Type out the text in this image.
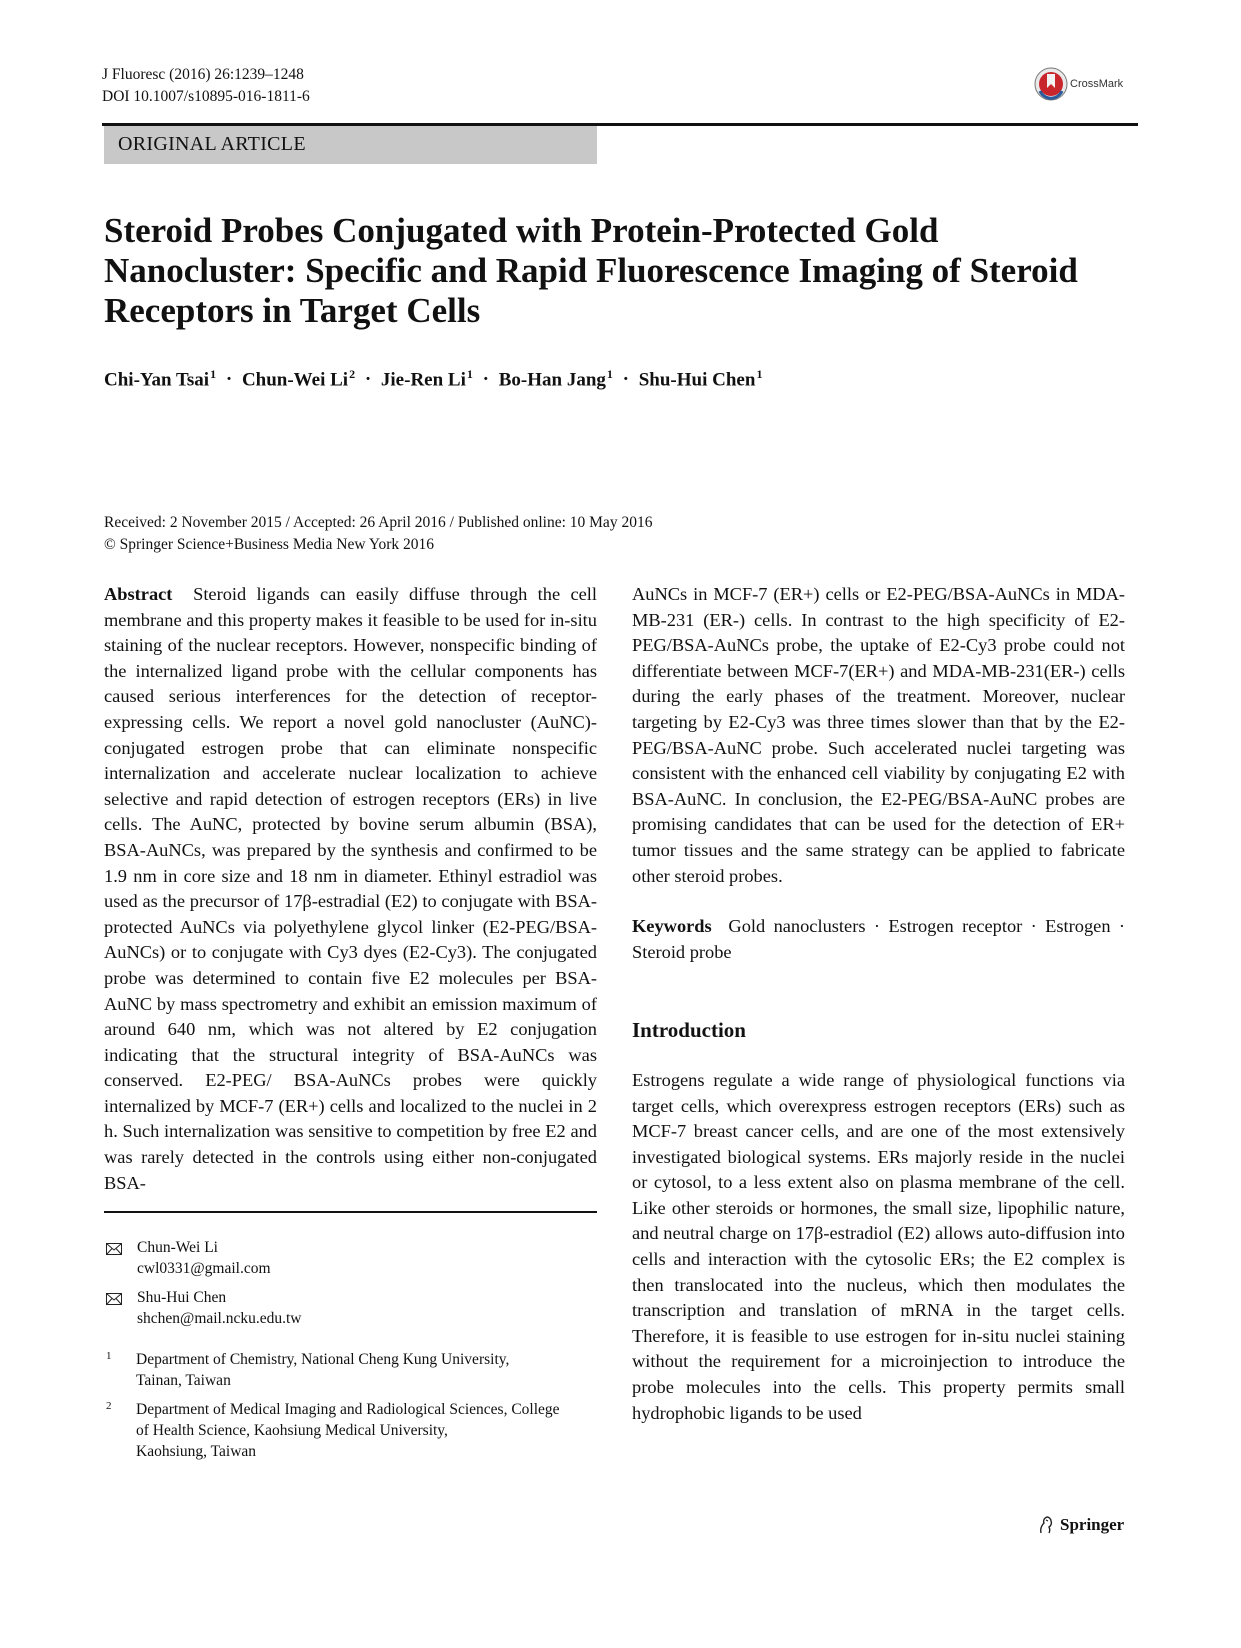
J Fluoresc (2016) 26:1239–1248
DOI 10.1007/s10895-016-1811-6
CrossMark
ORIGINAL ARTICLE
Steroid Probes Conjugated with Protein-Protected Gold
Nanocluster: Specific and Rapid Fluorescence Imaging of Steroid
Receptors in Target Cells
Chi-Yan Tsai$^1$ · Chun-Wei $Li^2 \cdot Jie-Ren$ $Li^1 \cdot Bo-Han$ Jang$^1$ · Shu-Hui Chen$^1$
Received: 2 November 2015 / Accepted: 26 April 2016 / Published online: 10 May 2016
© Springer Science+Business Media New York 2016

Abstract Steroid ligands can easily diffuse through the cell membrane and this property makes it feasible to be used for in-situ staining of the nuclear receptors. However, nonspecific binding of the internalized ligand probe with the cellular components has caused serious interferences for the detection of receptor-expressing cells. We report a novel gold nanocluster (AuNC)-conjugated estrogen probe that can eliminate nonspecific internalization and accelerate nuclear localization to achieve selective and rapid detection of estrogen receptors (ERs) in live cells. The AuNC, protected by bovine serum albumin (BSA), BSA-AuNCs, was prepared by the synthesis and confirmed to be 1.9 nm in core size and 18 nm in diameter. Ethinyl estradiol was used as the precursor of 17β-estradial (E2) to conjugate with BSA-protected AuNCs via polyethylene glycol linker (E2-PEG/BSA-AuNCs) or to conjugate with Cy3 dyes (E2-Cy3). The conjugated probe was determined to contain five E2 molecules per BSA-AuNC by mass spectrometry and exhibit an emission maximum of around 640 nm, which was not altered by E2 conjugation indicating that the structural integrity of BSA-AuNCs was conserved. E2-PEG/ BSA-AuNCs probes were quickly internalized by MCF-7 (ER+) cells and localized to the nuclei in 2 h. Such internalization was sensitive to competition by free E2 and was rarely detected in the controls using either non-conjugated BSA-

AuNCs in MCF-7 (ER+) cells or E2-PEG/BSA-AuNCs in MDA-MB-231 (ER-) cells. In contrast to the high specificity of E2-PEG/BSA-AuNCs probe, the uptake of E2-Cy3 probe could not differentiate between MCF-7(ER+) and MDA-MB-231(ER-) cells during the early phases of the treatment. Moreover, nuclear targeting by E2-Cy3 was three times slower than that by the E2-PEG/BSA-AuNC probe. Such accelerated nuclei targeting was consistent with the enhanced cell viability by conjugating E2 with BSA-AuNC. In conclusion, the E2-PEG/BSA-AuNC probes are promising candidates that can be used for the detection of ER+ tumor tissues and the same strategy can be applied to fabricate other steroid probes.

Keywords Gold nanoclusters · Estrogen receptor · Estrogen · Steroid probe

Introduction

Estrogens regulate a wide range of physiological functions via target cells, which overexpress estrogen receptors (ERs) such as MCF-7 breast cancer cells, and are one of the most extensively investigated biological systems. ERs majorly reside in the nuclei or cytosol, to a less extent also on plasma membrane of the cell. Like other steroids or hormones, the small size, lipophilic nature, and neutral charge on 17β-estradiol (E2) allows auto-diffusion into cells and interaction with the cytosolic ERs; the E2 complex is then translocated into the nucleus, which then modulates the transcription and translation of mRNA in the target cells. Therefore, it is feasible to use estrogen for in-situ nuclei staining without the requirement for a microinjection to introduce the probe molecules into the cells. This property permits small hydrophobic ligands to be used

Chun-Wei Li
cwl0331@gmail.com
Shu-Hui Chen
shchen@mail.ncku.edu.tw
1	Department of Chemistry, National Cheng Kung University,
Tainan, Taiwan
2	Department of Medical Imaging and Radiological Sciences, College
of Health Science, Kaohsiung Medical University,
Kaohsiung, Taiwan
Springer
